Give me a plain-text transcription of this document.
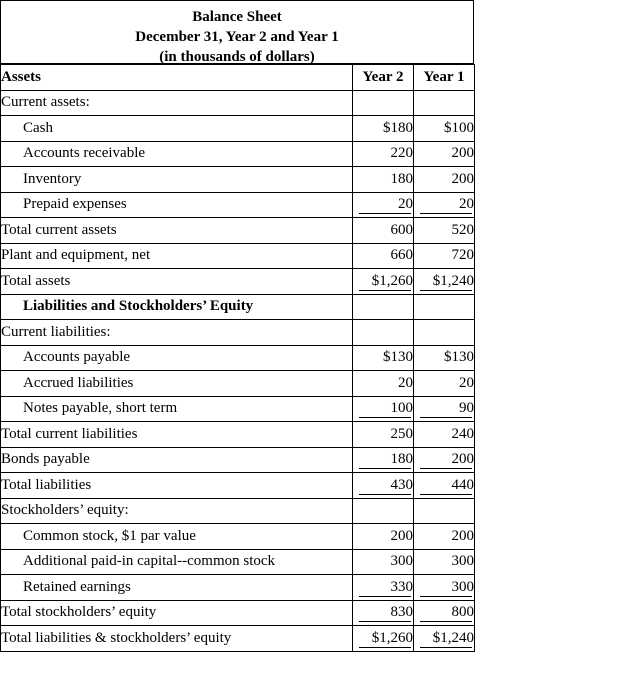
Balance Sheet
December 31, Year 2 and Year 1
(in thousands of dollars)
Assets	Year 2	Year 1
Current assets:		
Cash	$180	$100
Accounts receivable	220	200
Inventory	180	200
Prepaid expenses	20	20
Total current assets	600	520
Plant and equipment, net	660	720
Total assets	$1,260	$1,240
Liabilities and Stockholders’ Equity		
Current liabilities:		
Accounts payable	$130	$130
Accrued liabilities	20	20
Notes payable, short term	100	90
Total current liabilities	250	240
Bonds payable	180	200
Total liabilities	430	440
Stockholders’ equity:		
Common stock, $1 par value	200	200
Additional paid-in capital--common stock	300	300
Retained earnings	330	300
Total stockholders’ equity	830	800
Total liabilities & stockholders’ equity	$1,260	$1,240
